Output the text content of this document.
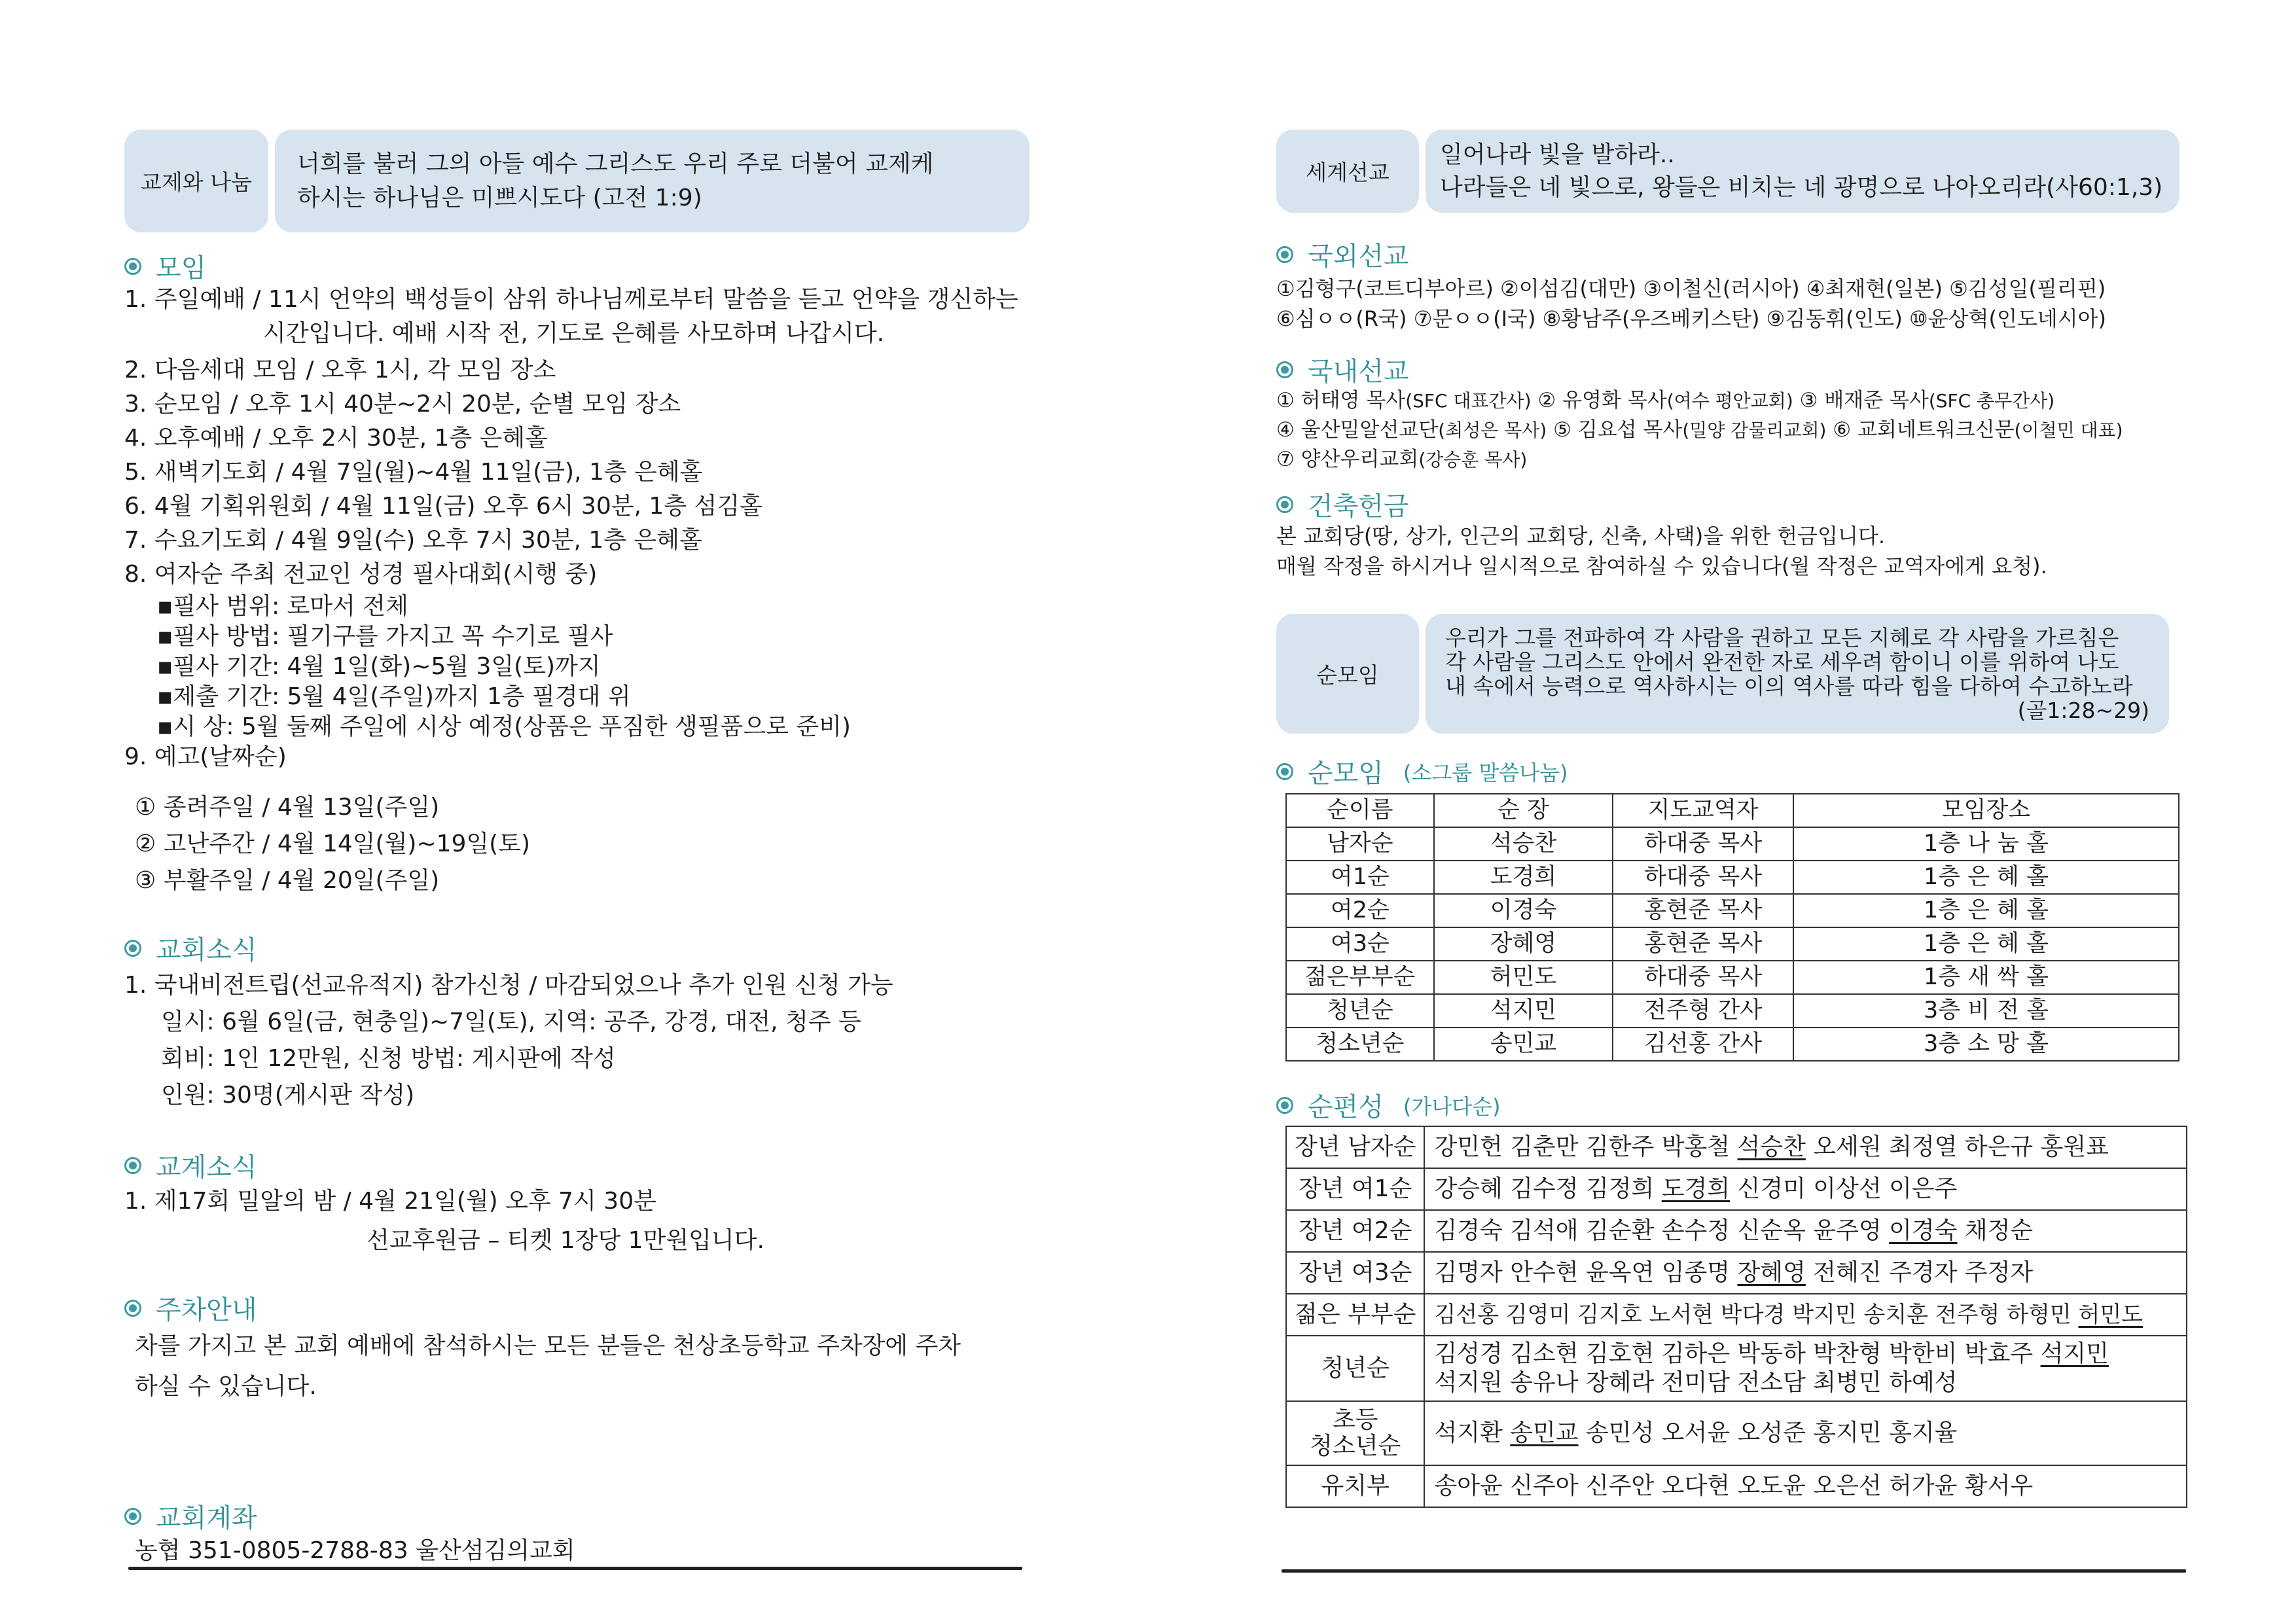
교제와 나눔
너희를 불러 그의 아들 예수 그리스도 우리 주로 더불어 교제케
하시는 하나님은 미쁘시도다 (고전 1:9)
모임
1. 주일예배 / 11시 언약의 백성들이 삼위 하나님께로부터 말씀을 듣고 언약을 갱신하는
시간입니다. 예배 시작 전, 기도로 은혜를 사모하며 나갑시다.
2. 다음세대 모임 / 오후 1시, 각 모임 장소
3. 순모임 / 오후 1시 40분~2시 20분, 순별 모임 장소
4. 오후예배 / 오후 2시 30분, 1층 은혜홀
5. 새벽기도회 / 4월 7일(월)~4월 11일(금), 1층 은혜홀
6. 4월 기획위원회 / 4월 11일(금) 오후 6시 30분, 1층 섬김홀
7. 수요기도회 / 4월 9일(수) 오후 7시 30분, 1층 은혜홀
8. 여자순 주최 전교인 성경 필사대회(시행 중)
▪필사 범위: 로마서 전체
▪필사 방법: 필기구를 가지고 꼭 수기로 필사
▪필사 기간: 4월 1일(화)~5월 3일(토)까지
▪제출 기간: 5월 4일(주일)까지 1층 필경대 위
▪시 상: 5월 둘째 주일에 시상 예정(상품은 푸짐한 생필품으로 준비)
9. 예고(날짜순)
① 종려주일 / 4월 13일(주일)
② 고난주간 / 4월 14일(월)~19일(토)
③ 부활주일 / 4월 20일(주일)
교회소식
1. 국내비전트립(선교유적지) 참가신청 / 마감되었으나 추가 인원 신청 가능
일시: 6월 6일(금, 현충일)~7일(토), 지역: 공주, 강경, 대전, 청주 등
회비: 1인 12만원, 신청 방법: 게시판에 작성
인원: 30명(게시판 작성)
교계소식
1. 제17회 밀알의 밤 / 4월 21일(월) 오후 7시 30분
선교후원금 – 티켓 1장당 1만원입니다.
주차안내
차를 가지고 본 교회 예배에 참석하시는 모든 분들은 천상초등학교 주차장에 주차
하실 수 있습니다.
교회계좌
농협 351-0805-2788-83 울산섬김의교회
세계선교
일어나라 빛을 발하라..
나라들은 네 빛으로, 왕들은 비치는 네 광명으로 나아오리라(사60:1,3)
국외선교
①김형구(코트디부아르) ②이섬김(대만) ③이철신(러시아) ④최재현(일본) ⑤김성일(필리핀)
⑥심ㅇㅇ(R국) ⑦문ㅇㅇ(I국) ⑧황남주(우즈베키스탄) ⑨김동휘(인도) ⑩윤상혁(인도네시아)
국내선교
① 허태영 목사(SFC 대표간사) ② 유영화 목사(여수 평안교회) ③ 배재준 목사(SFC 총무간사)
④ 울산밀알선교단(최성은 목사) ⑤ 김요섭 목사(밀양 감물리교회) ⑥ 교회네트워크신문(이철민 대표)
⑦ 양산우리교회(강승훈 목사)
건축헌금
본 교회당(땅, 상가, 인근의 교회당, 신축, 사택)을 위한 헌금입니다.
매월 작정을 하시거나 일시적으로 참여하실 수 있습니다(월 작정은 교역자에게 요청).
순모임
우리가 그를 전파하여 각 사람을 권하고 모든 지혜로 각 사람을 가르침은
각 사람을 그리스도 안에서 완전한 자로 세우려 함이니 이를 위하여 나도
내 속에서 능력으로 역사하시는 이의 역사를 따라 힘을 다하여 수고하노라
(골1:28~29)
순모임 (소그룹 말씀나눔)
순이름	순 장	지도교역자	모임장소
남자순	석승찬	하대중 목사	1층 나 눔 홀
여1순	도경희	하대중 목사	1층 은 혜 홀
여2순	이경숙	홍현준 목사	1층 은 혜 홀
여3순	장혜영	홍현준 목사	1층 은 혜 홀
젊은부부순	허민도	하대중 목사	1층 새 싹 홀
청년순	석지민	전주형 간사	3층 비 전 홀
청소년순	송민교	김선홍 간사	3층 소 망 홀
순편성 (가나다순)
장년 남자순	강민헌 김춘만 김한주 박홍철 석승찬 오세원 최정열 하은규 홍원표
장년 여1순	강승혜 김수정 김정희 도경희 신경미 이상선 이은주
장년 여2순	김경숙 김석애 김순환 손수정 신순옥 윤주영 이경숙 채정순
장년 여3순	김명자 안수현 윤옥연 임종명 장혜영 전혜진 주경자 주정자
젊은 부부순	김선홍 김영미 김지호 노서현 박다경 박지민 송치훈 전주형 하형민 허민도
청년순	김성경 김소현 김호현 김하은 박동하 박찬형 박한비 박효주 석지민
석지원 송유나 장혜라 전미담 전소담 최병민 하예성

초등
청소년순	석지환 송민교 송민성 오서윤 오성준 홍지민 홍지율
유치부	송아윤 신주아 신주안 오다현 오도윤 오은선 허가윤 황서우
